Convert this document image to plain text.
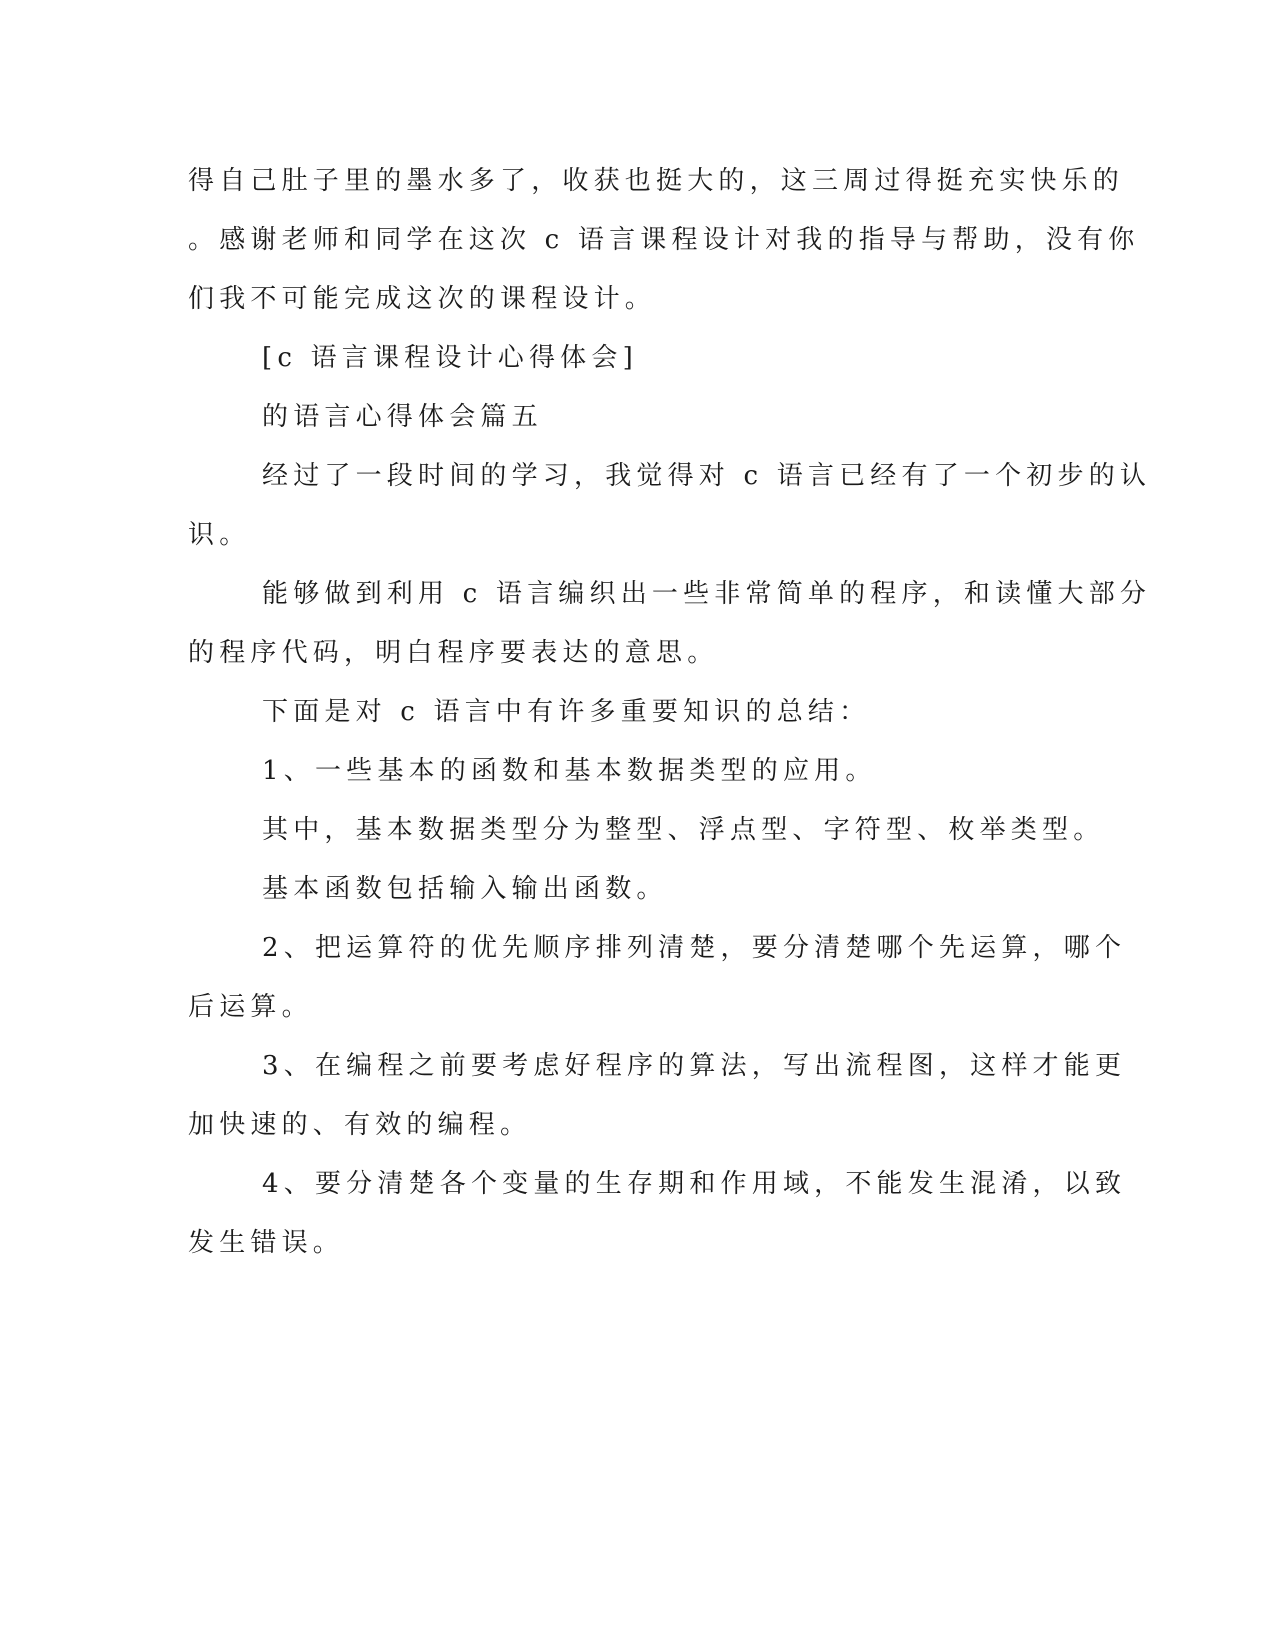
得自己肚子里的墨水多了，收获也挺大的，这三周过得挺充实快乐的

。感谢老师和同学在这次 c 语言课程设计对我的指导与帮助，没有你

们我不可能完成这次的课程设计。

[c 语言课程设计心得体会]

的语言心得体会篇五

经过了一段时间的学习，我觉得对 c 语言已经有了一个初步的认

识。

能够做到利用 c 语言编织出一些非常简单的程序，和读懂大部分

的程序代码，明白程序要表达的意思。

下面是对 c 语言中有许多重要知识的总结：

1、一些基本的函数和基本数据类型的应用。

其中，基本数据类型分为整型、浮点型、字符型、枚举类型。

基本函数包括输入输出函数。

2、把运算符的优先顺序排列清楚，要分清楚哪个先运算，哪个

后运算。

3、在编程之前要考虑好程序的算法，写出流程图，这样才能更

加快速的、有效的编程。

4、要分清楚各个变量的生存期和作用域，不能发生混淆，以致

发生错误。
